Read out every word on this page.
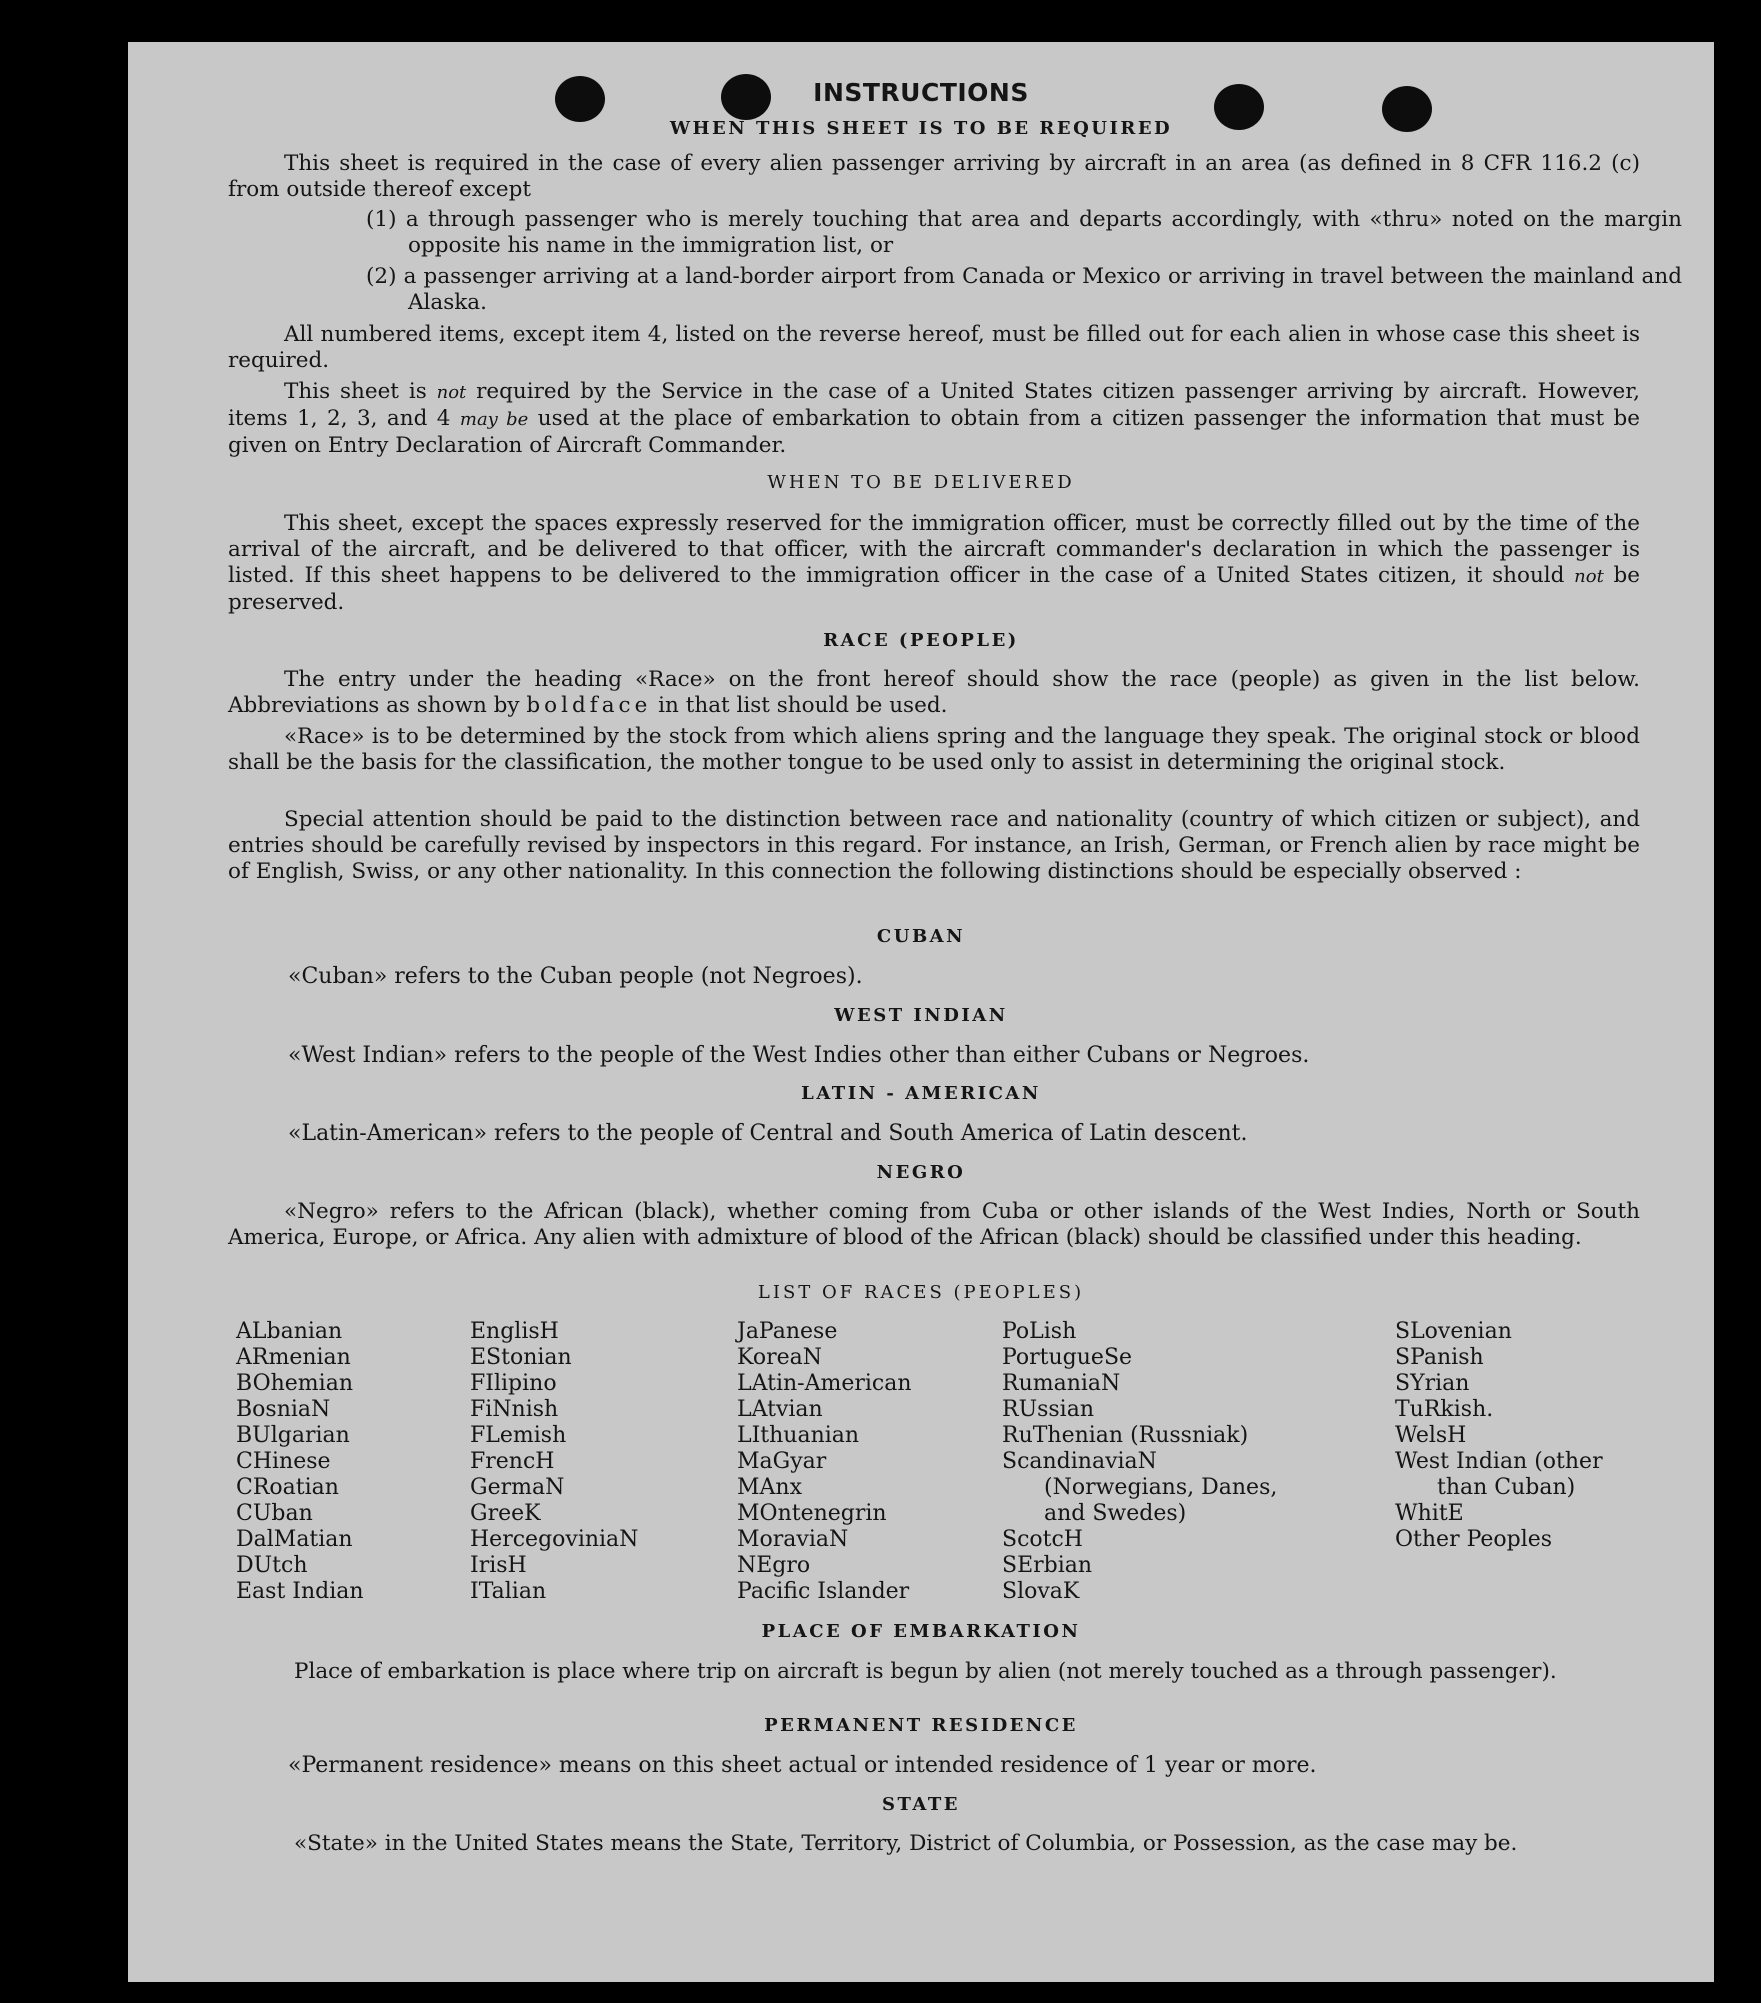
INSTRUCTIONS
WHEN THIS SHEET IS TO BE REQUIRED
This sheet is required in the case of every alien passenger arriving by aircraft in an area (as defined in 8 CFR 116.2 (c) from outside thereof except
(1) a through passenger who is merely touching that area and departs accordingly, with «thru» noted on the margin opposite his name in the immigration list, or
(2) a passenger arriving at a land-border airport from Canada or Mexico or arriving in travel between the mainland and Alaska.
All numbered items, except item 4, listed on the reverse hereof, must be filled out for each alien in whose case this sheet is required.
This sheet is not required by the Service in the case of a United States citizen passenger arriving by aircraft. However, items 1, 2, 3, and 4 may be used at the place of embarkation to obtain from a citizen passenger the information that must be given on Entry Declaration of Aircraft Commander.
WHEN TO BE DELIVERED
This sheet, except the spaces expressly reserved for the immigration officer, must be correctly filled out by the time of the arrival of the aircraft, and be delivered to that officer, with the aircraft commander's declaration in which the passenger is listed. If this sheet happens to be delivered to the immigration officer in the case of a United States citizen, it should not be preserved.
RACE (PEOPLE)
The entry under the heading «Race» on the front hereof should show the race (people) as given in the list below. Abbreviations as shown by boldface in that list should be used.
«Race» is to be determined by the stock from which aliens spring and the language they speak. The original stock or blood shall be the basis for the classification, the mother tongue to be used only to assist in determining the original stock.
Special attention should be paid to the distinction between race and nationality (country of which citizen or subject), and entries should be carefully revised by inspectors in this regard. For instance, an Irish, German, or French alien by race might be of English, Swiss, or any other nationality. In this connection the following distinctions should be especially observed :
CUBAN
«Cuban» refers to the Cuban people (not Negroes).
WEST INDIAN
«West Indian» refers to the people of the West Indies other than either Cubans or Negroes.
LATIN - AMERICAN
«Latin-American» refers to the people of Central and South America of Latin descent.
NEGRO
«Negro» refers to the African (black), whether coming from Cuba or other islands of the West Indies, North or South America, Europe, or Africa. Any alien with admixture of blood of the African (black) should be classified under this heading.
LIST OF RACES (PEOPLES)
ALbanian
ARmenian
BOhemian
BosniaN
BUlgarian
CHinese
CRoatian
CUban
DalMatian
DUtch
East Indian
EnglisH
EStonian
FIlipino
FiNnish
FLemish
FrencH
GermaN
GreeK
HercegoviniaN
IrisH
ITalian
JaPanese
KoreaN
LAtin-American
LAtvian
LIthuanian
MaGyar
MAnx
MOntenegrin
MoraviaN
NEgro
Pacific Islander
PoLish
PortugueSe
RumaniaN
RUssian
RuThenian (Russniak)
ScandinaviaN (Norwegians, Danes, and Swedes)
ScotcH
SErbian
SlovaK
SLovenian
SPanish
SYrian
TuRkish.
WelsH
West Indian (other than Cuban)
WhitE
Other Peoples
PLACE OF EMBARKATION
Place of embarkation is place where trip on aircraft is begun by alien (not merely touched as a through passenger).
PERMANENT RESIDENCE
«Permanent residence» means on this sheet actual or intended residence of 1 year or more.
STATE
«State» in the United States means the State, Territory, District of Columbia, or Possession, as the case may be.
